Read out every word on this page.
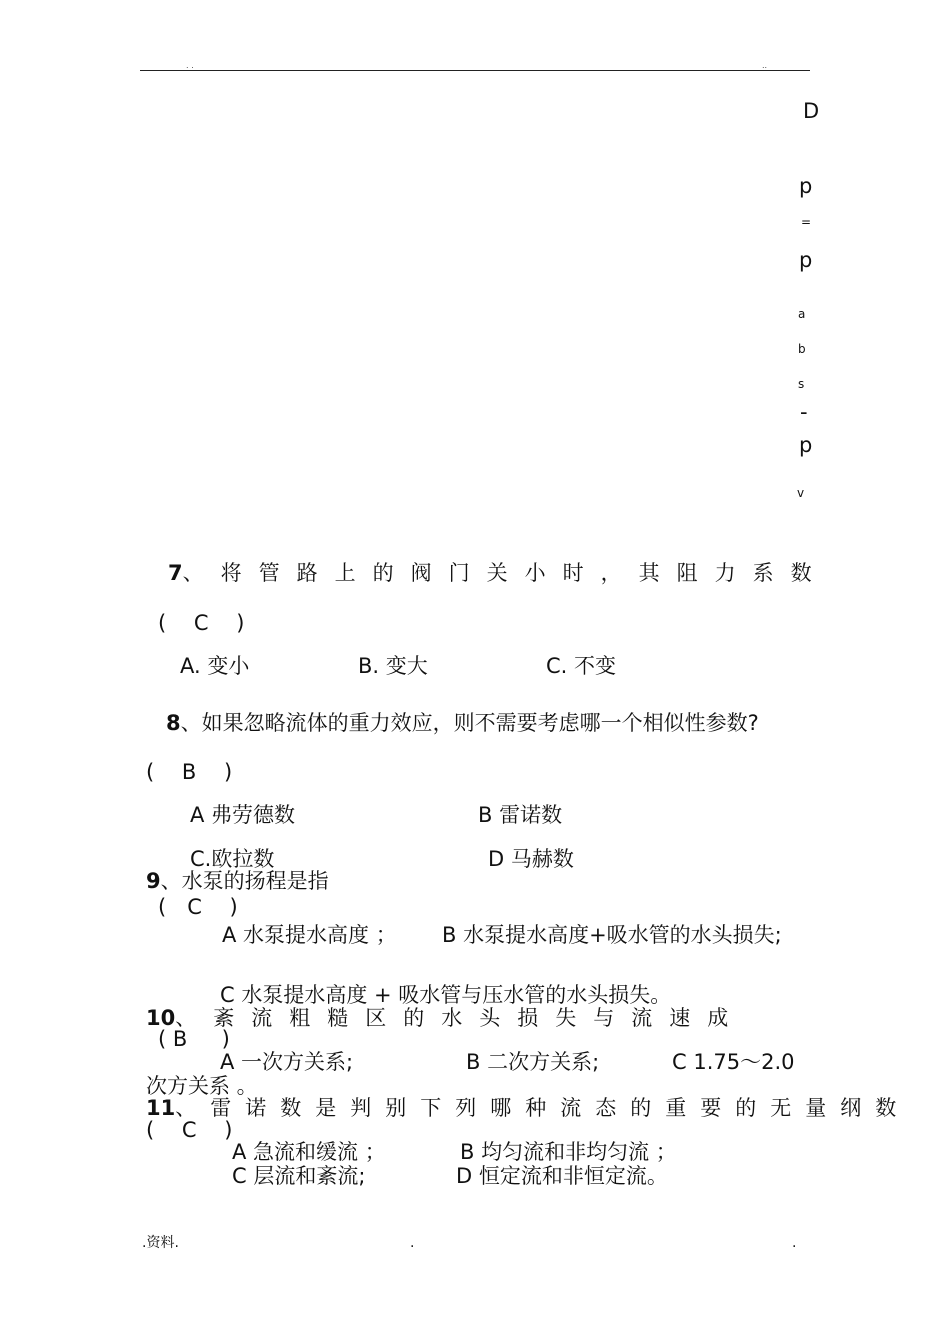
. .	..
D
p
=
p
a
b
s
-
p
v
7、将管路上的阀门关小时，其阻力系数
(　 C 　)
A. 变小	B. 变大	C. 不变
8、如果忽略流体的重力效应，则不需要考虑哪一个相似性参数?
(　 B 　)
A 弗劳德数	B 雷诺数
C.欧拉数	D 马赫数
9、水泵的扬程是指
(　C 　)
A 水泵提水高度 ； B 水泵提水高度+吸水管的水头损失;
C 水泵提水高度 + 吸水管与压水管的水头损失。
10、紊流粗糙区的水头损失与流速成
( B 　 )
A 一次方关系;	B 二次方关系;	C 1.75～2.0
次方关系 。
11、雷诺数是判别下列哪种流态的重要的无量纲数
(　 C 　)
A 急流和缓流 ；	B 均匀流和非均匀流 ；
C 层流和紊流;	D 恒定流和非恒定流。
.资料.	.	.
